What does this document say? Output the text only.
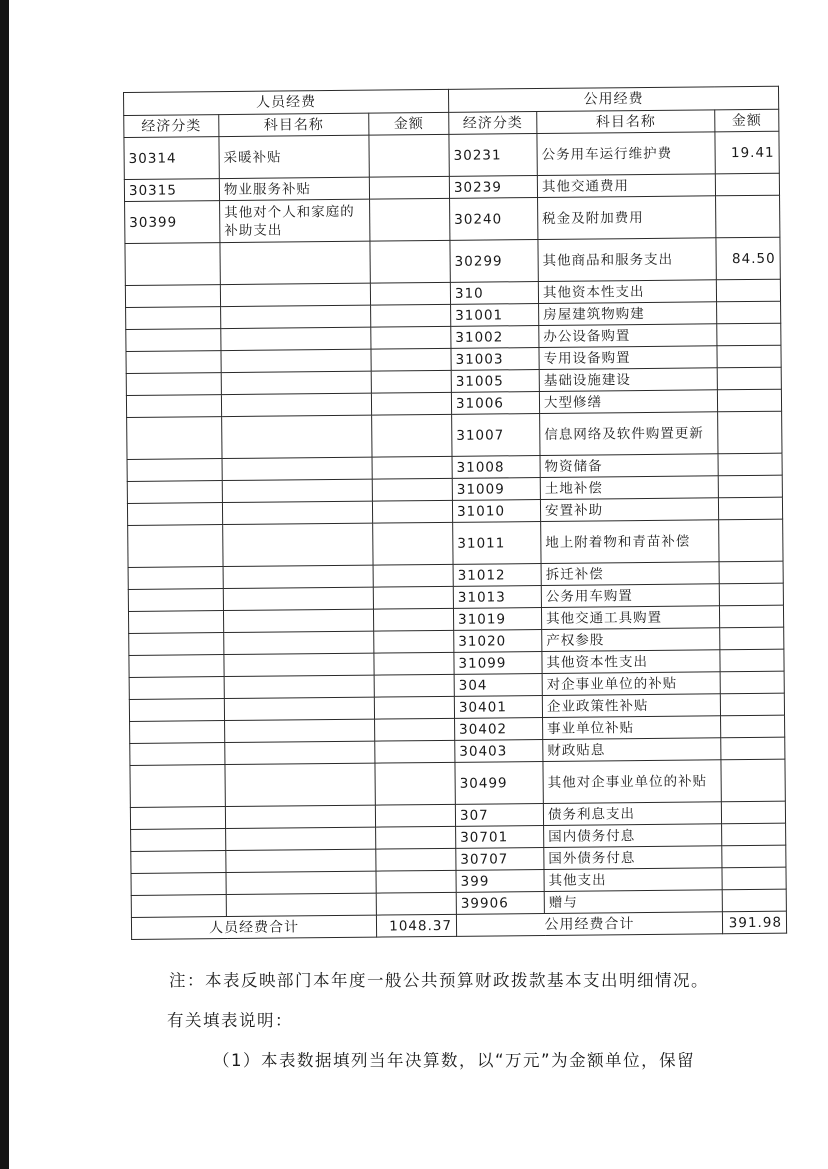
人员经费			公用经费		
经济分类	科目名称	金额	经济分类	科目名称	金额
30314	采暖补贴		30231	公务用车运行维护费	19.41
30315	物业服务补贴		30239	其他交通费用	
30399	其他对个人和家庭的补助支出		30240	税金及附加费用	
			30299	其他商品和服务支出	84.50
			310	其他资本性支出	
			31001	房屋建筑物购建	
			31002	办公设备购置	
			31003	专用设备购置	
			31005	基础设施建设	
			31006	大型修缮	
			31007	信息网络及软件购置更新	
			31008	物资储备	
			31009	土地补偿	
			31010	安置补助	
			31011	地上附着物和青苗补偿	
			31012	拆迁补偿	
			31013	公务用车购置	
			31019	其他交通工具购置	
			31020	产权参股	
			31099	其他资本性支出	
			304	对企事业单位的补贴	
			30401	企业政策性补贴	
			30402	事业单位补贴	
			30403	财政贴息	
			30499	其他对企事业单位的补贴	
			307	债务利息支出	
			30701	国内债务付息	
			30707	国外债务付息	
			399	其他支出	
			39906	赠与	
人员经费合计		1048.37	公用经费合计		391.98

注：本表反映部门本年度一般公共预算财政拨款基本支出明细情况。

有关填表说明：

（1）本表数据填列当年决算数，以“万元”为金额单位，保留
